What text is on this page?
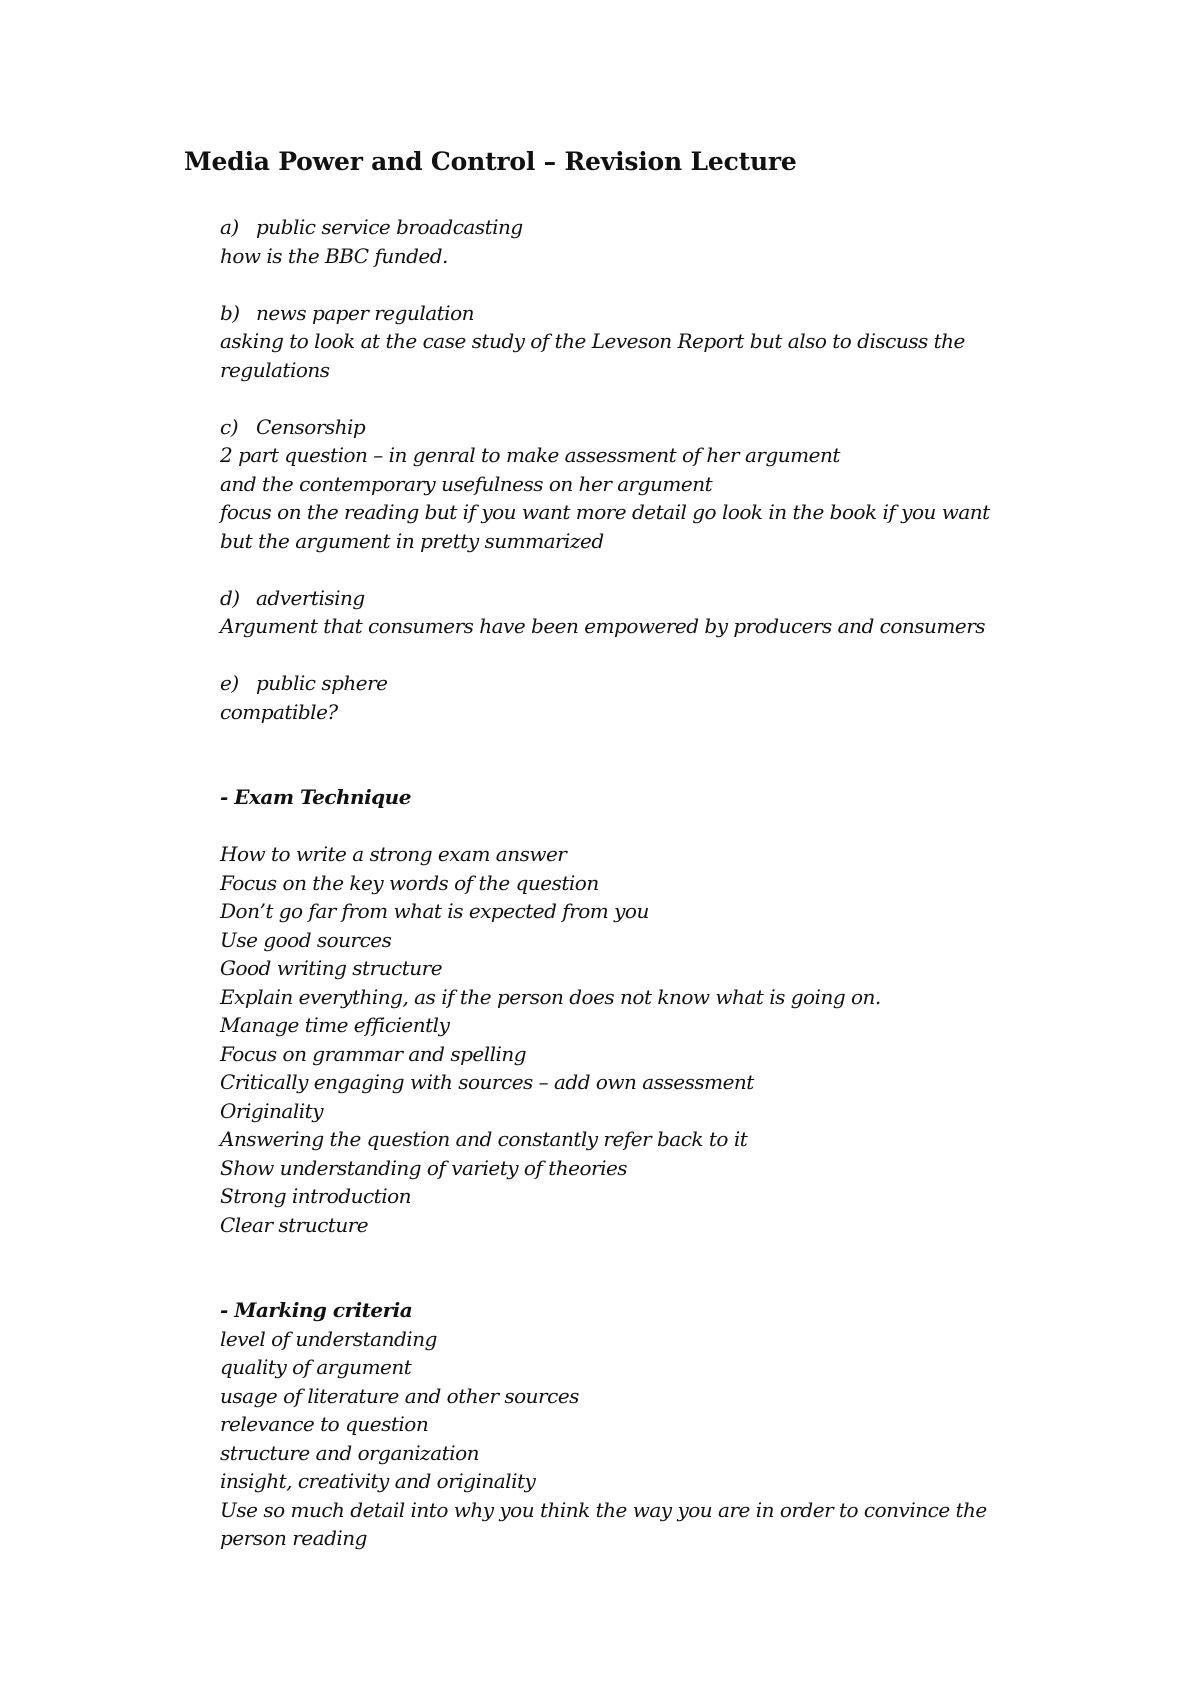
Media Power and Control – Revision Lecture
a) public service broadcasting
how is the BBC funded.
b) news paper regulation
asking to look at the case study of the Leveson Report but also to discuss the
regulations
c) Censorship
2 part question – in genral to make assessment of her argument
and the contemporary usefulness on her argument
focus on the reading but if you want more detail go look in the book if you want
but the argument in pretty summarized
d) advertising
Argument that consumers have been empowered by producers and consumers
e) public sphere
compatible?
- Exam Technique
How to write a strong exam answer
Focus on the key words of the question
Don’t go far from what is expected from you
Use good sources
Good writing structure
Explain everything, as if the person does not know what is going on.
Manage time efficiently
Focus on grammar and spelling
Critically engaging with sources – add own assessment
Originality
Answering the question and constantly refer back to it
Show understanding of variety of theories
Strong introduction
Clear structure
- Marking criteria
level of understanding
quality of argument
usage of literature and other sources
relevance to question
structure and organization
insight, creativity and originality
Use so much detail into why you think the way you are in order to convince the
person reading
